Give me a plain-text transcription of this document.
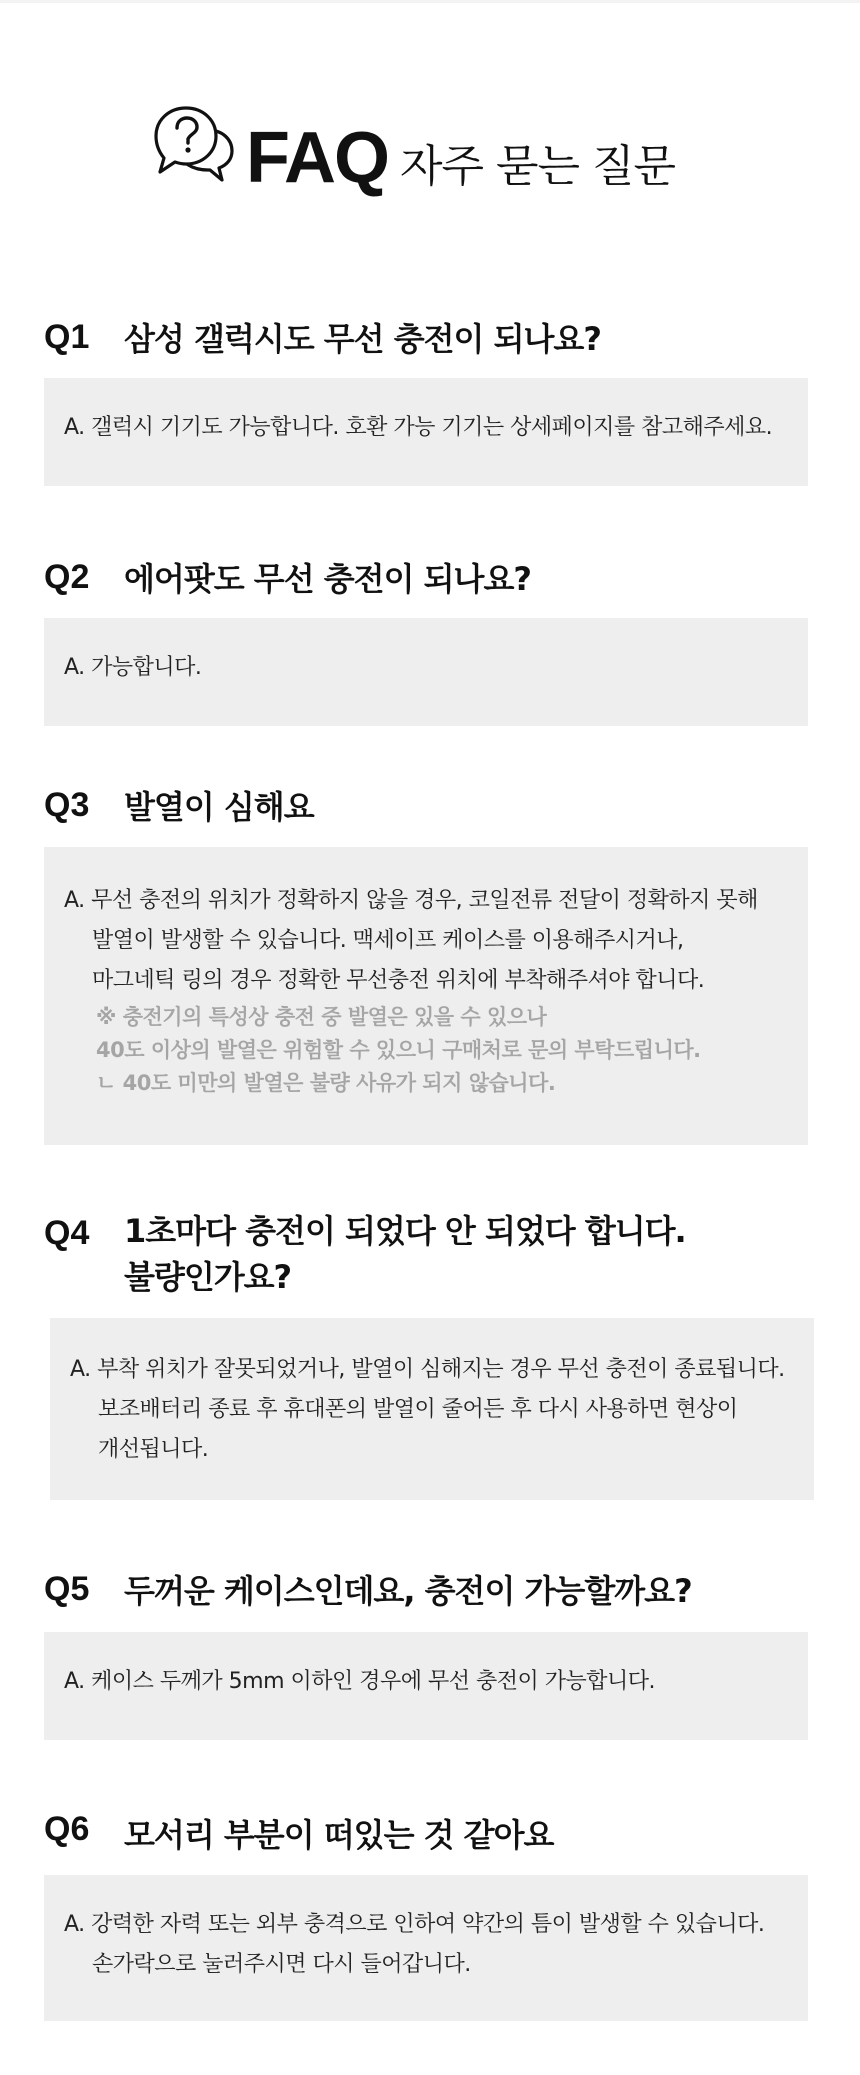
FAQ 자주 묻는 질문
Q1 삼성 갤럭시도 무선 충전이 되나요?
A. 갤럭시 기기도 가능합니다. 호환 가능 기기는 상세페이지를 참고해주세요.
Q2 에어팟도 무선 충전이 되나요?
A. 가능합니다.
Q3 발열이 심해요
A. 무선 충전의 위치가 정확하지 않을 경우, 코일전류 전달이 정확하지 못해
발열이 발생할 수 있습니다. 맥세이프 케이스를 이용해주시거나,
마그네틱 링의 경우 정확한 무선충전 위치에 부착해주셔야 합니다.
※ 충전기의 특성상 충전 중 발열은 있을 수 있으나
40도 이상의 발열은 위험할 수 있으니 구매처로 문의 부탁드립니다.
ㄴ 40도 미만의 발열은 불량 사유가 되지 않습니다.
Q4 1초마다 충전이 되었다 안 되었다 합니다.
불량인가요?
A. 부착 위치가 잘못되었거나, 발열이 심해지는 경우 무선 충전이 종료됩니다.
보조배터리 종료 후 휴대폰의 발열이 줄어든 후 다시 사용하면 현상이
개선됩니다.
Q5 두꺼운 케이스인데요, 충전이 가능할까요?
A. 케이스 두께가 5mm 이하인 경우에 무선 충전이 가능합니다.
Q6 모서리 부분이 떠있는 것 같아요
A. 강력한 자력 또는 외부 충격으로 인하여 약간의 틈이 발생할 수 있습니다.
손가락으로 눌러주시면 다시 들어갑니다.
